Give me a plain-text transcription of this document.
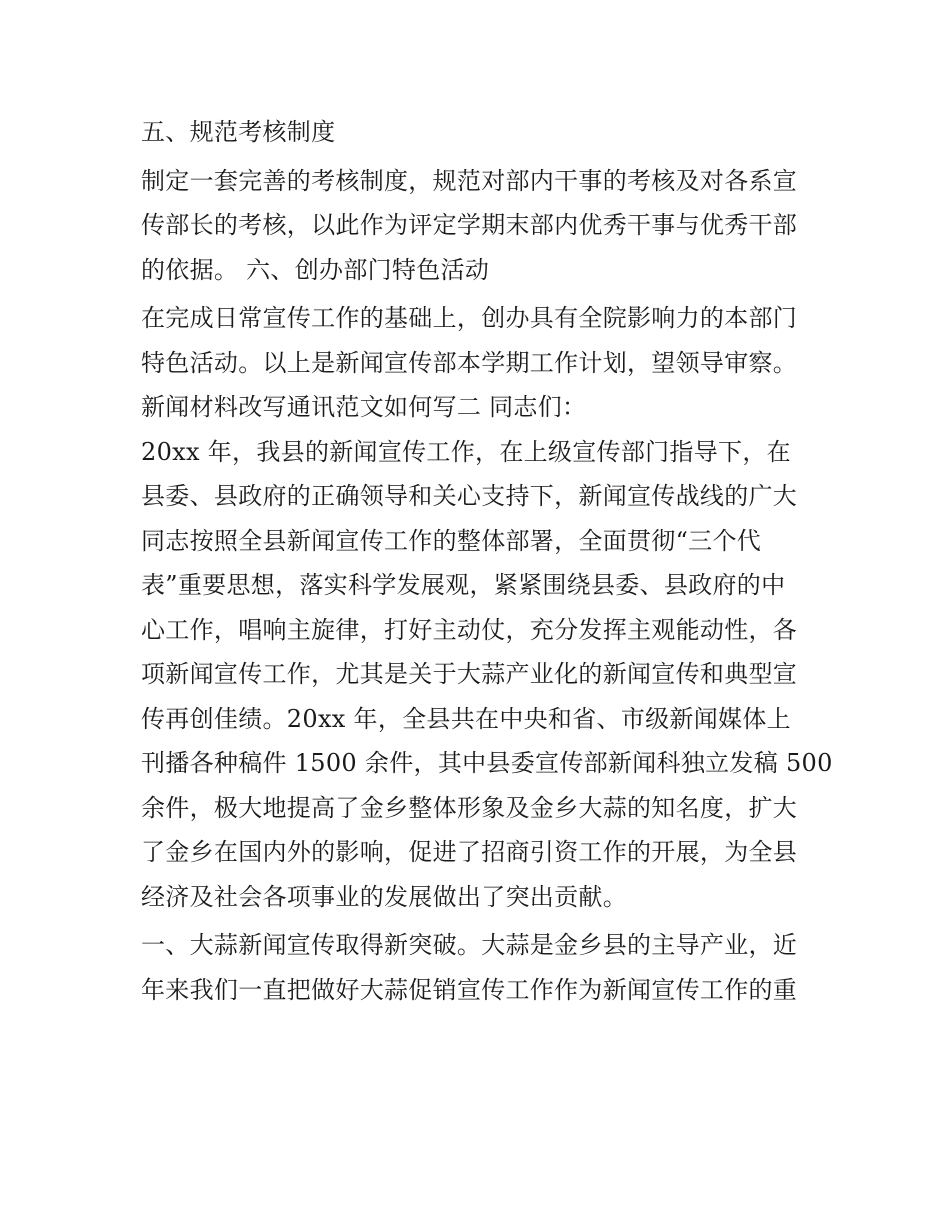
五、规范考核制度
制定一套完善的考核制度，规范对部内干事的考核及对各系宣
传部长的考核，以此作为评定学期末部内优秀干事与优秀干部
的依据。 六、创办部门特色活动
在完成日常宣传工作的基础上，创办具有全院影响力的本部门
特色活动。以上是新闻宣传部本学期工作计划，望领导审察。
新闻材料改写通讯范文如何写二 同志们：
20xx 年，我县的新闻宣传工作，在上级宣传部门指导下，在
县委、县政府的正确领导和关心支持下，新闻宣传战线的广大
同志按照全县新闻宣传工作的整体部署，全面贯彻“三个代
表”重要思想，落实科学发展观，紧紧围绕县委、县政府的中
心工作，唱响主旋律，打好主动仗，充分发挥主观能动性，各
项新闻宣传工作，尤其是关于大蒜产业化的新闻宣传和典型宣
传再创佳绩。20xx 年，全县共在中央和省、市级新闻媒体上
刊播各种稿件 1500 余件，其中县委宣传部新闻科独立发稿 500
余件，极大地提高了金乡整体形象及金乡大蒜的知名度，扩大
了金乡在国内外的影响，促进了招商引资工作的开展，为全县
经济及社会各项事业的发展做出了突出贡献。
一、大蒜新闻宣传取得新突破。大蒜是金乡县的主导产业，近
年来我们一直把做好大蒜促销宣传工作作为新闻宣传工作的重
